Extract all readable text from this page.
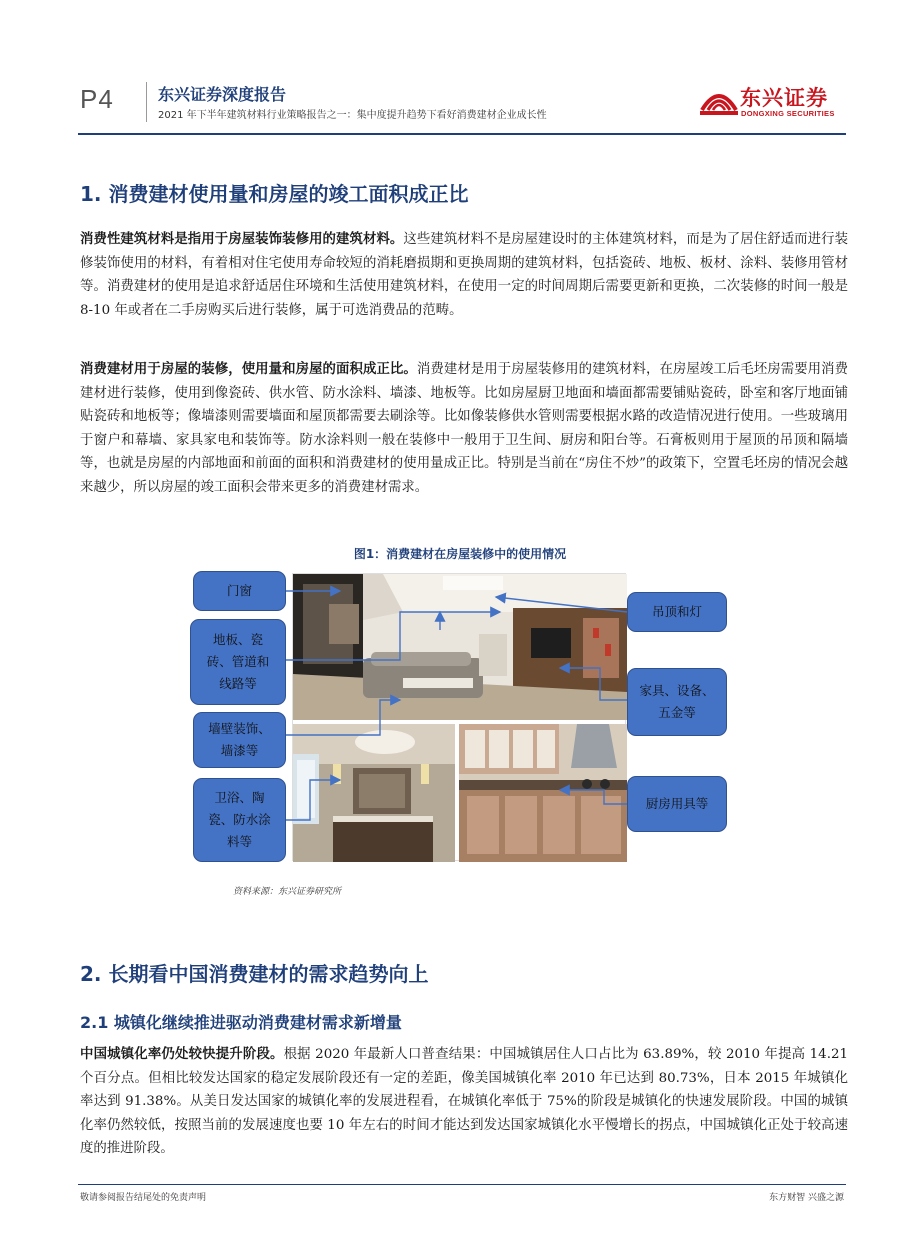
P4	东兴证券深度报告
2021 年下半年建筑材料行业策略报告之一：集中度提升趋势下看好消费建材企业成长性
东兴证券
DONGXING SECURITIES
1. 消费建材使用量和房屋的竣工面积成正比
消费性建筑材料是指用于房屋装饰装修用的建筑材料。这些建筑材料不是房屋建设时的主体建筑材料，而是为了居住舒适而进行装修装饰使用的材料，有着相对住宅使用寿命较短的消耗磨损期和更换周期的建筑材料，包括瓷砖、地板、板材、涂料、装修用管材等。消费建材的使用是追求舒适居住环境和生活使用建筑材料，在使用一定的时间周期后需要更新和更换，二次装修的时间一般是 8-10 年或者在二手房购买后进行装修，属于可选消费品的范畴。
消费建材用于房屋的装修，使用量和房屋的面积成正比。消费建材是用于房屋装修用的建筑材料，在房屋竣工后毛坯房需要用消费建材进行装修，使用到像瓷砖、供水管、防水涂料、墙漆、地板等。比如房屋厨卫地面和墙面都需要铺贴瓷砖，卧室和客厅地面铺贴瓷砖和地板等；像墙漆则需要墙面和屋顶都需要去刷涂等。比如像装修供水管则需要根据水路的改造情况进行使用。一些玻璃用于窗户和幕墙、家具家电和装饰等。防水涂料则一般在装修中一般用于卫生间、厨房和阳台等。石膏板则用于屋顶的吊顶和隔墙等，也就是房屋的内部地面和前面的面积和消费建材的使用量成正比。特别是当前在“房住不炒”的政策下，空置毛坯房的情况会越来越少，所以房屋的竣工面积会带来更多的消费建材需求。
图1：消费建材在房屋装修中的使用情况
门窗
地板、瓷砖、管道和线路等
墙壁装饰、墙漆等
卫浴、陶瓷、防水涂料等
吊顶和灯
家具、设备、五金等
厨房用具等
资料来源：东兴证券研究所
2. 长期看中国消费建材的需求趋势向上
2.1 城镇化继续推进驱动消费建材需求新增量
中国城镇化率仍处较快提升阶段。根据 2020 年最新人口普查结果：中国城镇居住人口占比为 63.89%，较 2010 年提高 14.21 个百分点。但相比较发达国家的稳定发展阶段还有一定的差距，像美国城镇化率 2010 年已达到 80.73%，日本 2015 年城镇化率达到 91.38%。从美日发达国家的城镇化率的发展进程看，在城镇化率低于 75%的阶段是城镇化的快速发展阶段。中国的城镇化率仍然较低，按照当前的发展速度也要 10 年左右的时间才能达到发达国家城镇化水平慢增长的拐点，中国城镇化正处于较高速度的推进阶段。
敬请参阅报告结尾处的免责声明	东方财智 兴盛之源
